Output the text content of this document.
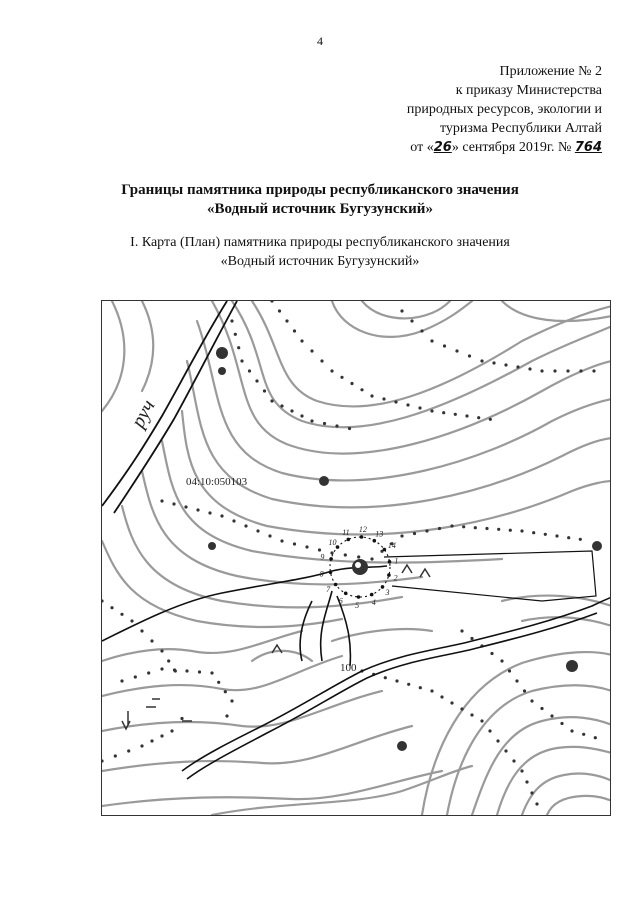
4
Приложение № 2
к приказу Министерства
природных ресурсов, экологии и
туризма Республики Алтай
от «26» сентября 2019г. № 764
Границы памятника природы республиканского значения
«Водный источник Бугузунский»
I. Карта (План) памятника природы республиканского значения
«Водный источник Бугузунский»
1
2
3
4
5
6
7
8
9
10
11 12
13
14
руч
04:10:050103
100
